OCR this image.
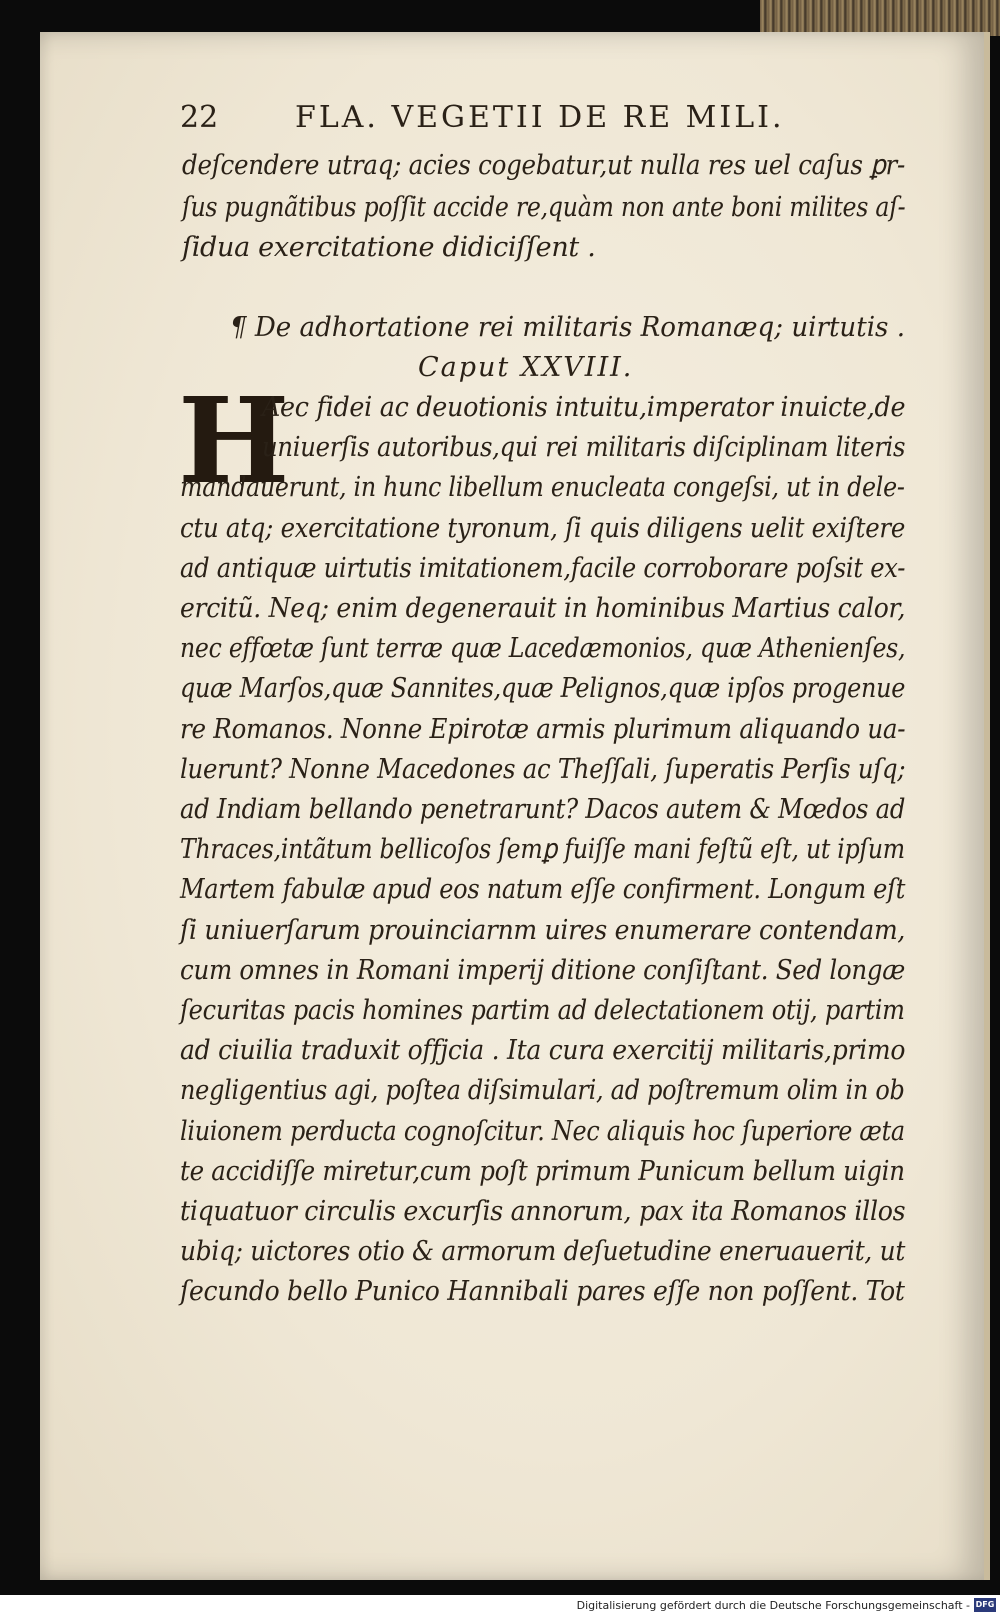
22	FLA. VEGETII DE RE MILI.
deſcendere utraq; acies cogebatur,ut nulla res uel caſus ꝑr-
ſus pugnãtibus poſſit accide re,quàm non ante boni milites aſ-
ſidua exercitatione didiciſſent .
¶ De adhortatione rei militaris Romanæq; uirtutis .
Caput XXVIII.
H
Aec fidei ac deuotionis intuitu,imperator inuicte,de
uniuerſis autoribus,qui rei militaris diſciplinam literis
mandauerunt, in hunc libellum enucleata congeſsi, ut in dele-
ctu atq; exercitatione tyronum, ſi quis diligens uelit exiſtere
ad antiquæ uirtutis imitationem,facile corroborare poſsit ex-
ercitũ. Neq; enim degenerauit in hominibus Martius calor,
nec effœtæ ſunt terræ quæ Lacedæmonios, quæ Athenienſes,
quæ Marſos,quæ Sannites,quæ Pelignos,quæ ipſos progenue
re Romanos. Nonne Epirotæ armis plurimum aliquando ua-
luerunt? Nonne Macedones ac Theſſali, ſuperatis Perſis uſq;
ad Indiam bellando penetrarunt? Dacos autem & Mœdos ad
Thraces,intãtum bellicoſos ſemꝑ fuiſſe mani feſtũ eſt, ut ipſum
Martem fabulæ apud eos natum eſſe confirment. Longum eſt
ſi uniuerſarum prouinciarnm uires enumerare contendam,
cum omnes in Romani imperij ditione conſiſtant. Sed longæ
ſecuritas pacis homines partim ad delectationem otij, partim
ad ciuilia traduxit offjcia . Ita cura exercitij militaris,primo
negligentius agi, poſtea diſsimulari, ad poſtremum olim in ob
liuionem perducta cognoſcitur. Nec aliquis hoc ſuperiore æta
te accidiſſe miretur,cum poſt primum Punicum bellum uigin
tiquatuor circulis excurſis annorum, pax ita Romanos illos
ubiq; uictores otio & armorum deſuetudine eneruauerit, ut
ſecundo bello Punico Hannibali pares eſſe non poſſent. Tot
Digitalisierung gefördert durch die Deutsche Forschungsgemeinschaft - DFG
